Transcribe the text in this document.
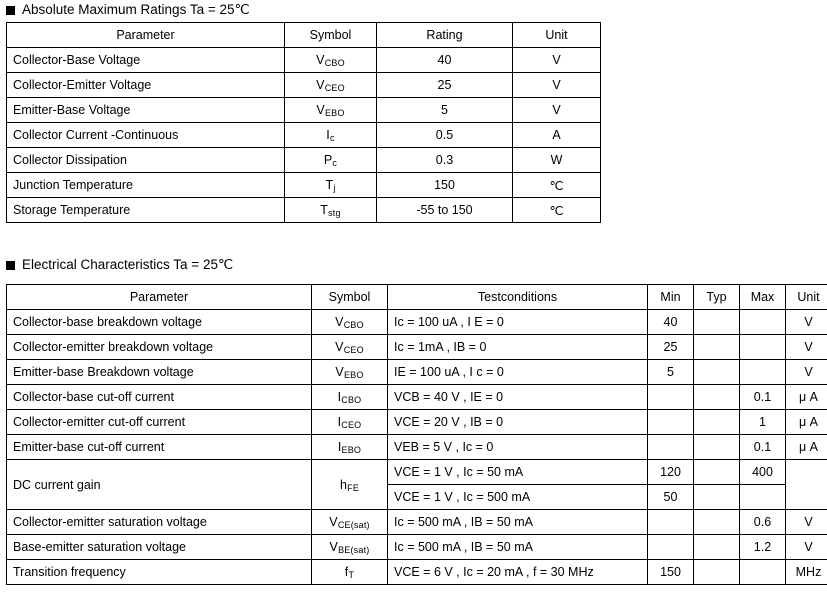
Absolute Maximum Ratings Ta = 25℃
Parameter	Symbol	Rating	Unit
Collector-Base Voltage	VCBO	40	V
Collector-Emitter Voltage	VCEO	25	V
Emitter-Base Voltage	VEBO	5	V
Collector Current -Continuous	Ic	0.5	A
Collector Dissipation	Pc	0.3	W
Junction Temperature	Tj	150	℃
Storage Temperature	Tstg	-55 to 150	℃
Electrical Characteristics Ta = 25℃
Parameter	Symbol	Testconditions	Min	Typ	Max	Unit
Collector-base breakdown voltage	VCBO	Ic = 100 uA , I E = 0	40			V
Collector-emitter breakdown voltage	VCEO	Ic = 1mA , IB = 0	25			V
Emitter-base Breakdown voltage	VEBO	IE = 100 uA , I c = 0	5			V
Collector-base cut-off current	ICBO	VCB = 40 V , IE = 0			0.1	μ A
Collector-emitter cut-off current	ICEO	VCE = 20 V , IB = 0			1	μ A
Emitter-base cut-off current	IEBO	VEB = 5 V , Ic = 0			0.1	μ A
DC current gain	hFE	VCE = 1 V , Ic = 50 mA	120		400	
		VCE = 1 V , Ic = 500 mA	50			
Collector-emitter saturation voltage	VCE(sat)	Ic = 500 mA , IB = 50 mA			0.6	V
Base-emitter saturation voltage	VBE(sat)	Ic = 500 mA , IB = 50 mA			1.2	V
Transition frequency	fT	VCE = 6 V , Ic = 20 mA , f = 30 MHz	150			MHz
